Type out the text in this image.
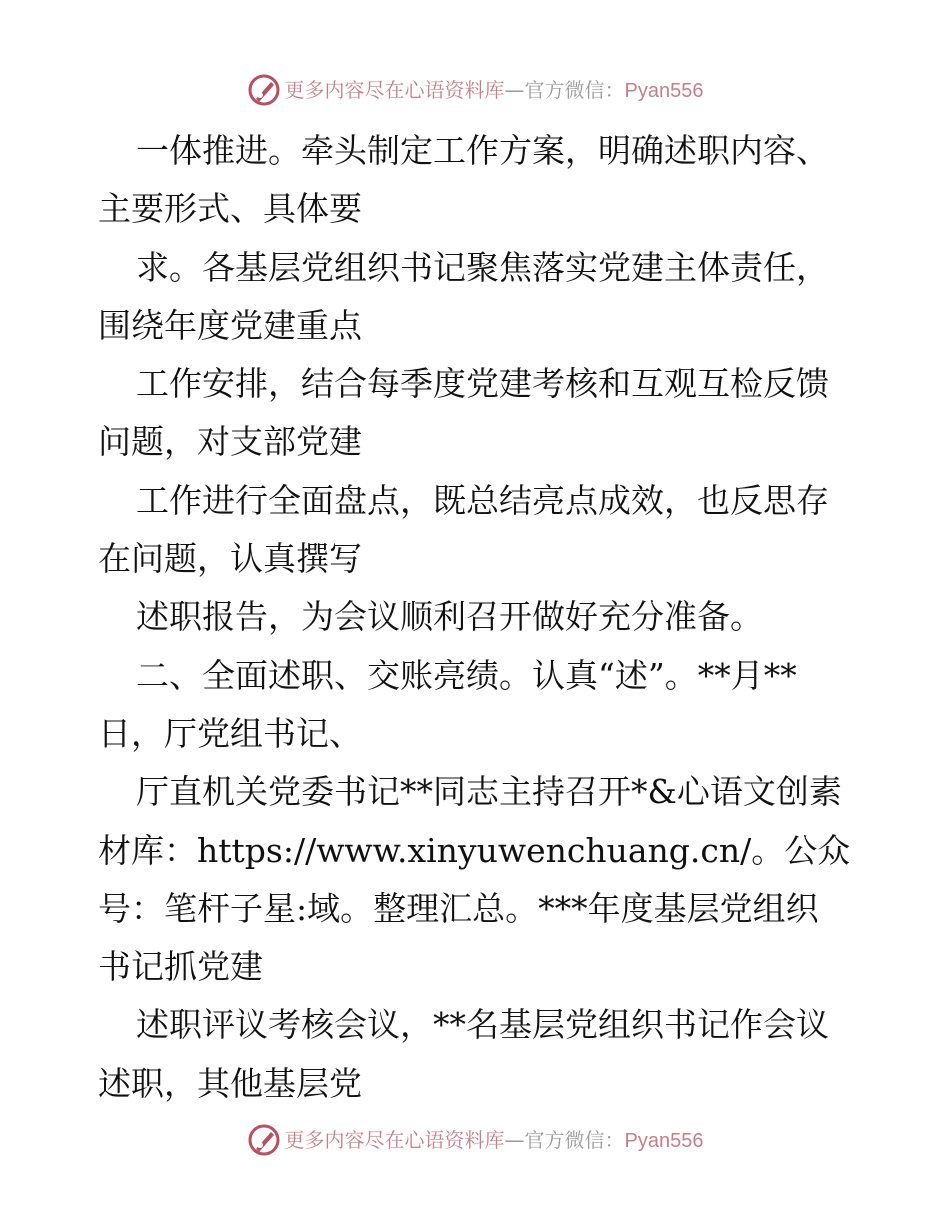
更多内容尽在心语资料库—官方微信：Pyan556
一体推进。牵头制定工作方案，明确述职内容、
主要形式、具体要
求。各基层党组织书记聚焦落实党建主体责任，
围绕年度党建重点
工作安排，结合每季度党建考核和互观互检反馈
问题，对支部党建
工作进行全面盘点，既总结亮点成效，也反思存
在问题，认真撰写
述职报告，为会议顺利召开做好充分准备。
二、全面述职、交账亮绩。认真“述”。**月**
日，厅党组书记、
厅直机关党委书记**同志主持召开*&心语文创素
材库：https://www.xinyuwenchuang.cn/。公众
号：笔杆子星:域。整理汇总。***年度基层党组织
书记抓党建
述职评议考核会议，**名基层党组织书记作会议
述职，其他基层党
更多内容尽在心语资料库—官方微信：Pyan556
